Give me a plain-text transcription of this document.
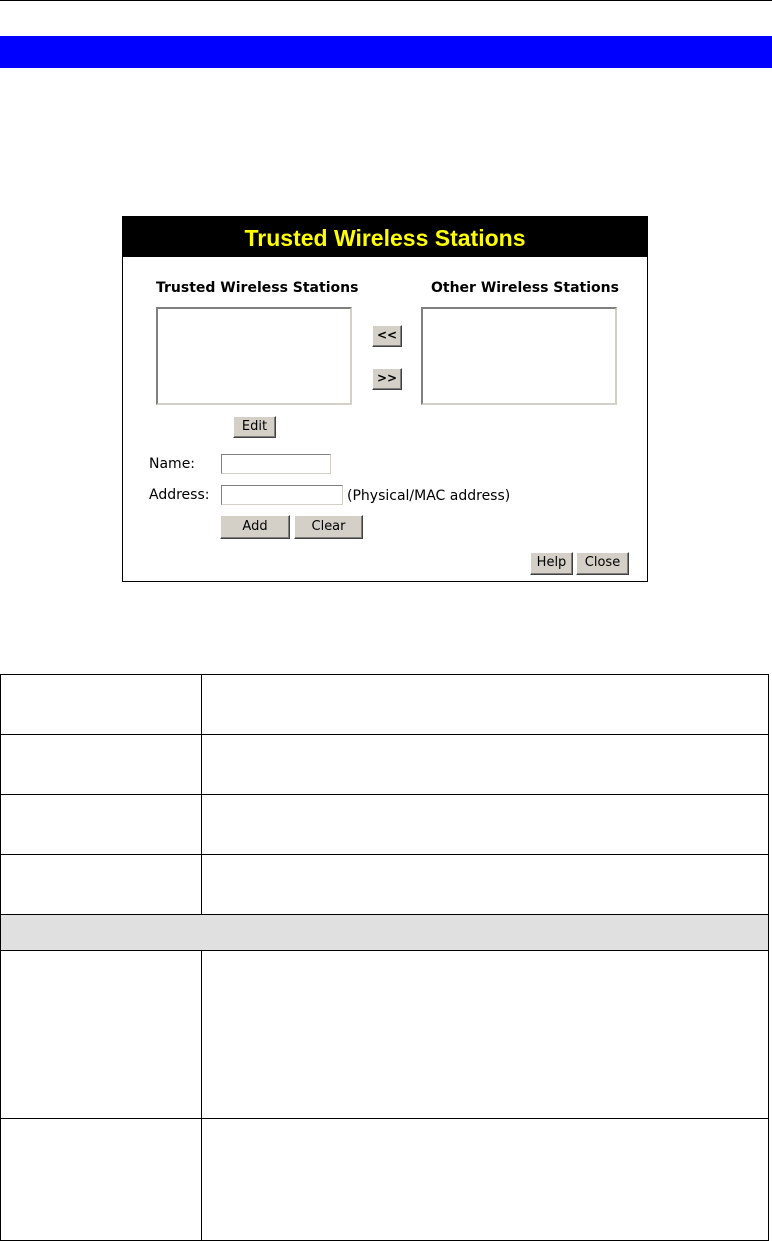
Trusted Wireless Stations
Trusted Wireless Stations	Other Wireless Stations
<<
>>
Edit
Name:
Address:	(Physical/MAC address)
Add	Clear
Help	Close
